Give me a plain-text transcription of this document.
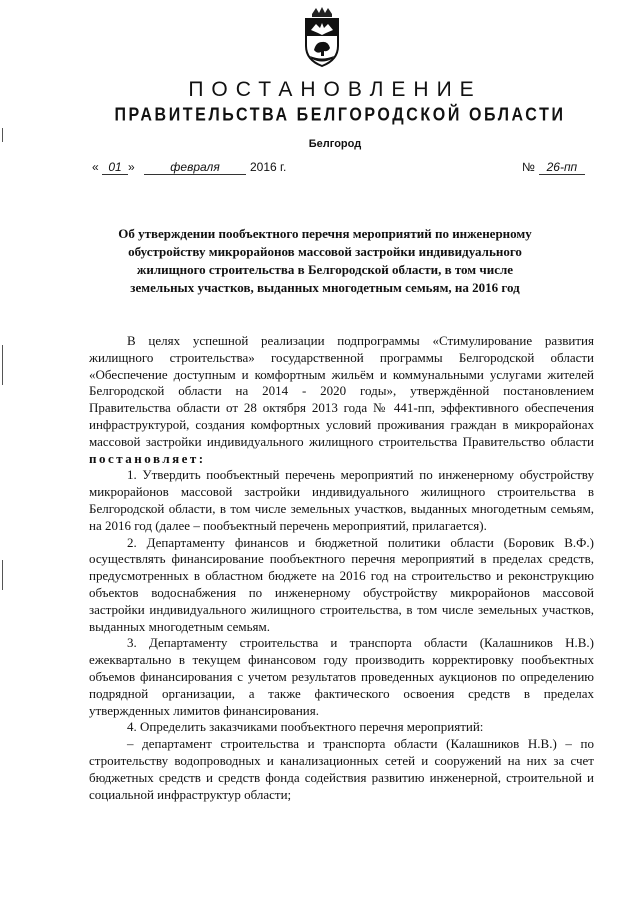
ПОСТАНОВЛЕНИЕ
ПРАВИТЕЛЬСТВА БЕЛГОРОДСКОЙ ОБЛАСТИ
Белгород
« 01 »	февраля	2016 г.	№ 26-пп
Об утверждении пообъектного перечня мероприятий по инженерному обустройству микрорайонов массовой застройки индивидуального жилищного строительства в Белгородской области, в том числе земельных участков, выданных многодетным семьям, на 2016 год

В целях успешной реализации подпрограммы «Стимулирование развития жилищного строительства» государственной программы Белгородской области «Обеспечение доступным и комфортным жильём и коммунальными услугами жителей Белгородской области на 2014 - 2020 годы», утверждённой постановлением Правительства области от 28 октября 2013 года № 441-пп, эффективного обеспечения инфраструктурой, создания комфортных условий проживания граждан в микрорайонах массовой застройки индивидуального жилищного строительства Правительство области постановляет:

1. Утвердить пообъектный перечень мероприятий по инженерному обустройству микрорайонов массовой застройки индивидуального жилищного строительства в Белгородской области, в том числе земельных участков, выданных многодетным семьям, на 2016 год (далее – пообъектный перечень мероприятий, прилагается).

2. Департаменту финансов и бюджетной политики области (Боровик В.Ф.) осуществлять финансирование пообъектного перечня мероприятий в пределах средств, предусмотренных в областном бюджете на 2016 год на строительство и реконструкцию объектов водоснабжения по инженерному обустройству микрорайонов массовой застройки индивидуального жилищного строительства, в том числе земельных участков, выданных многодетным семьям.

3. Департаменту строительства и транспорта области (Калашников Н.В.) ежеквартально в текущем финансовом году производить корректировку пообъектных объемов финансирования с учетом результатов проведенных аукционов по определению подрядной организации, а также фактического освоения средств в пределах утвержденных лимитов финансирования.

4. Определить заказчиками пообъектного перечня мероприятий:

– департамент строительства и транспорта области (Калашников Н.В.) – по строительству водопроводных и канализационных сетей и сооружений на них за счет бюджетных средств и средств фонда содействия развитию инженерной, строительной и социальной инфраструктур области;
